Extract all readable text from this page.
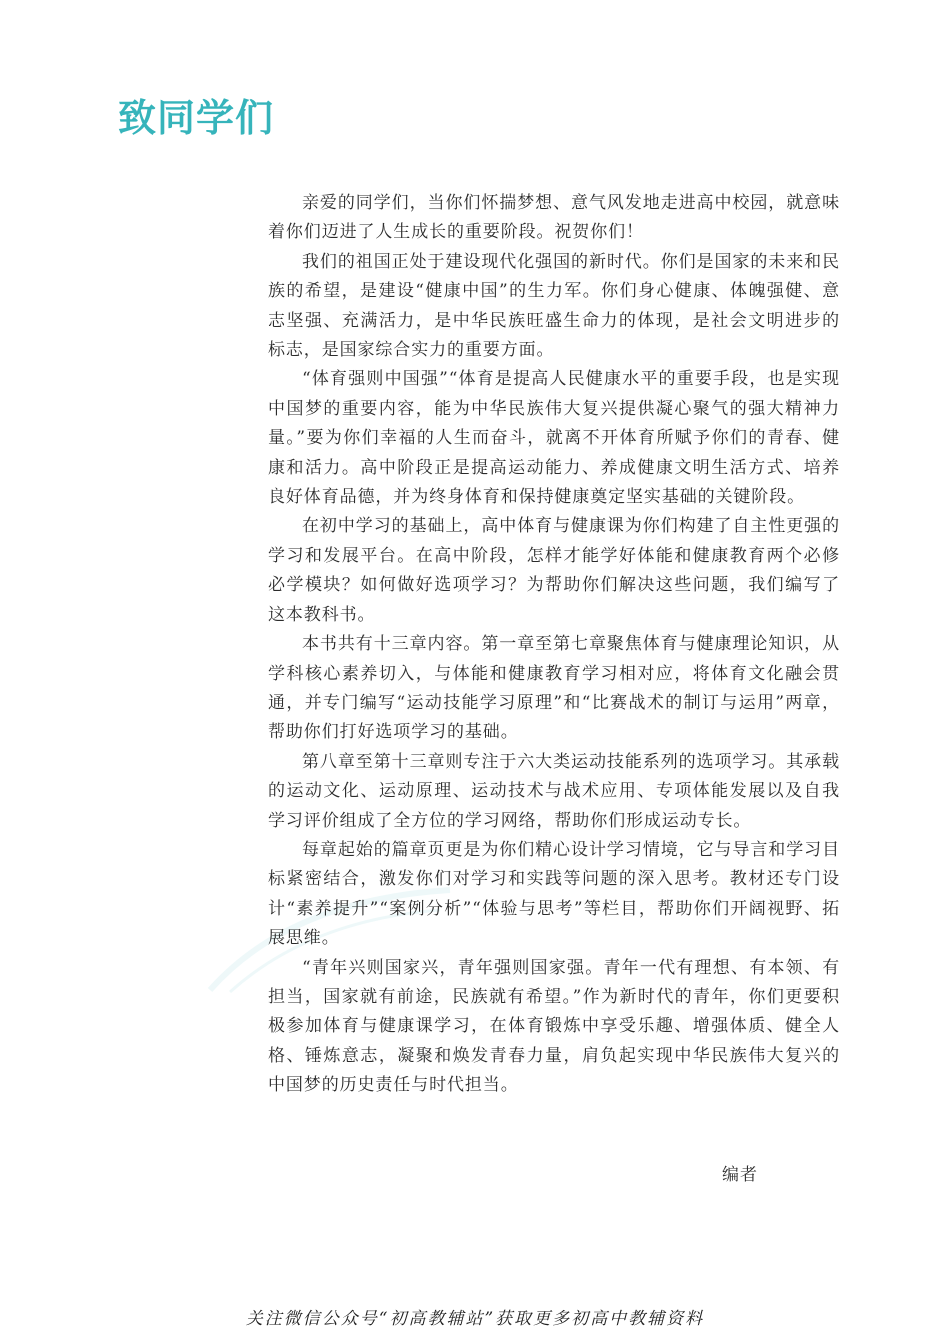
致同学们

亲爱的同学们，当你们怀揣梦想、意气风发地走进高中校园，就意味着你们迈进了人生成长的重要阶段。祝贺你们！

我们的祖国正处于建设现代化强国的新时代。你们是国家的未来和民族的希望，是建设“健康中国”的生力军。你们身心健康、体魄强健、意志坚强、充满活力，是中华民族旺盛生命力的体现，是社会文明进步的标志，是国家综合实力的重要方面。

“体育强则中国强”“体育是提高人民健康水平的重要手段，也是实现中国梦的重要内容，能为中华民族伟大复兴提供凝心聚气的强大精神力量。”要为你们幸福的人生而奋斗，就离不开体育所赋予你们的青春、健康和活力。高中阶段正是提高运动能力、养成健康文明生活方式、培养良好体育品德，并为终身体育和保持健康奠定坚实基础的关键阶段。

在初中学习的基础上，高中体育与健康课为你们构建了自主性更强的学习和发展平台。在高中阶段，怎样才能学好体能和健康教育两个必修必学模块？如何做好选项学习？为帮助你们解决这些问题，我们编写了这本教科书。

本书共有十三章内容。第一章至第七章聚焦体育与健康理论知识，从学科核心素养切入，与体能和健康教育学习相对应，将体育文化融会贯通，并专门编写“运动技能学习原理”和“比赛战术的制订与运用”两章，帮助你们打好选项学习的基础。

第八章至第十三章则专注于六大类运动技能系列的选项学习。其承载的运动文化、运动原理、运动技术与战术应用、专项体能发展以及自我学习评价组成了全方位的学习网络，帮助你们形成运动专长。

每章起始的篇章页更是为你们精心设计学习情境，它与导言和学习目标紧密结合，激发你们对学习和实践等问题的深入思考。教材还专门设计“素养提升”“案例分析”“体验与思考”等栏目，帮助你们开阔视野、拓展思维。

“青年兴则国家兴，青年强则国家强。青年一代有理想、有本领、有担当，国家就有前途，民族就有希望。”作为新时代的青年，你们更要积极参加体育与健康课学习，在体育锻炼中享受乐趣、增强体质、健全人格、锤炼意志，凝聚和焕发青春力量，肩负起实现中华民族伟大复兴的中国梦的历史责任与时代担当。

编者
关注微信公众号“初高教辅站”获取更多初高中教辅资料
